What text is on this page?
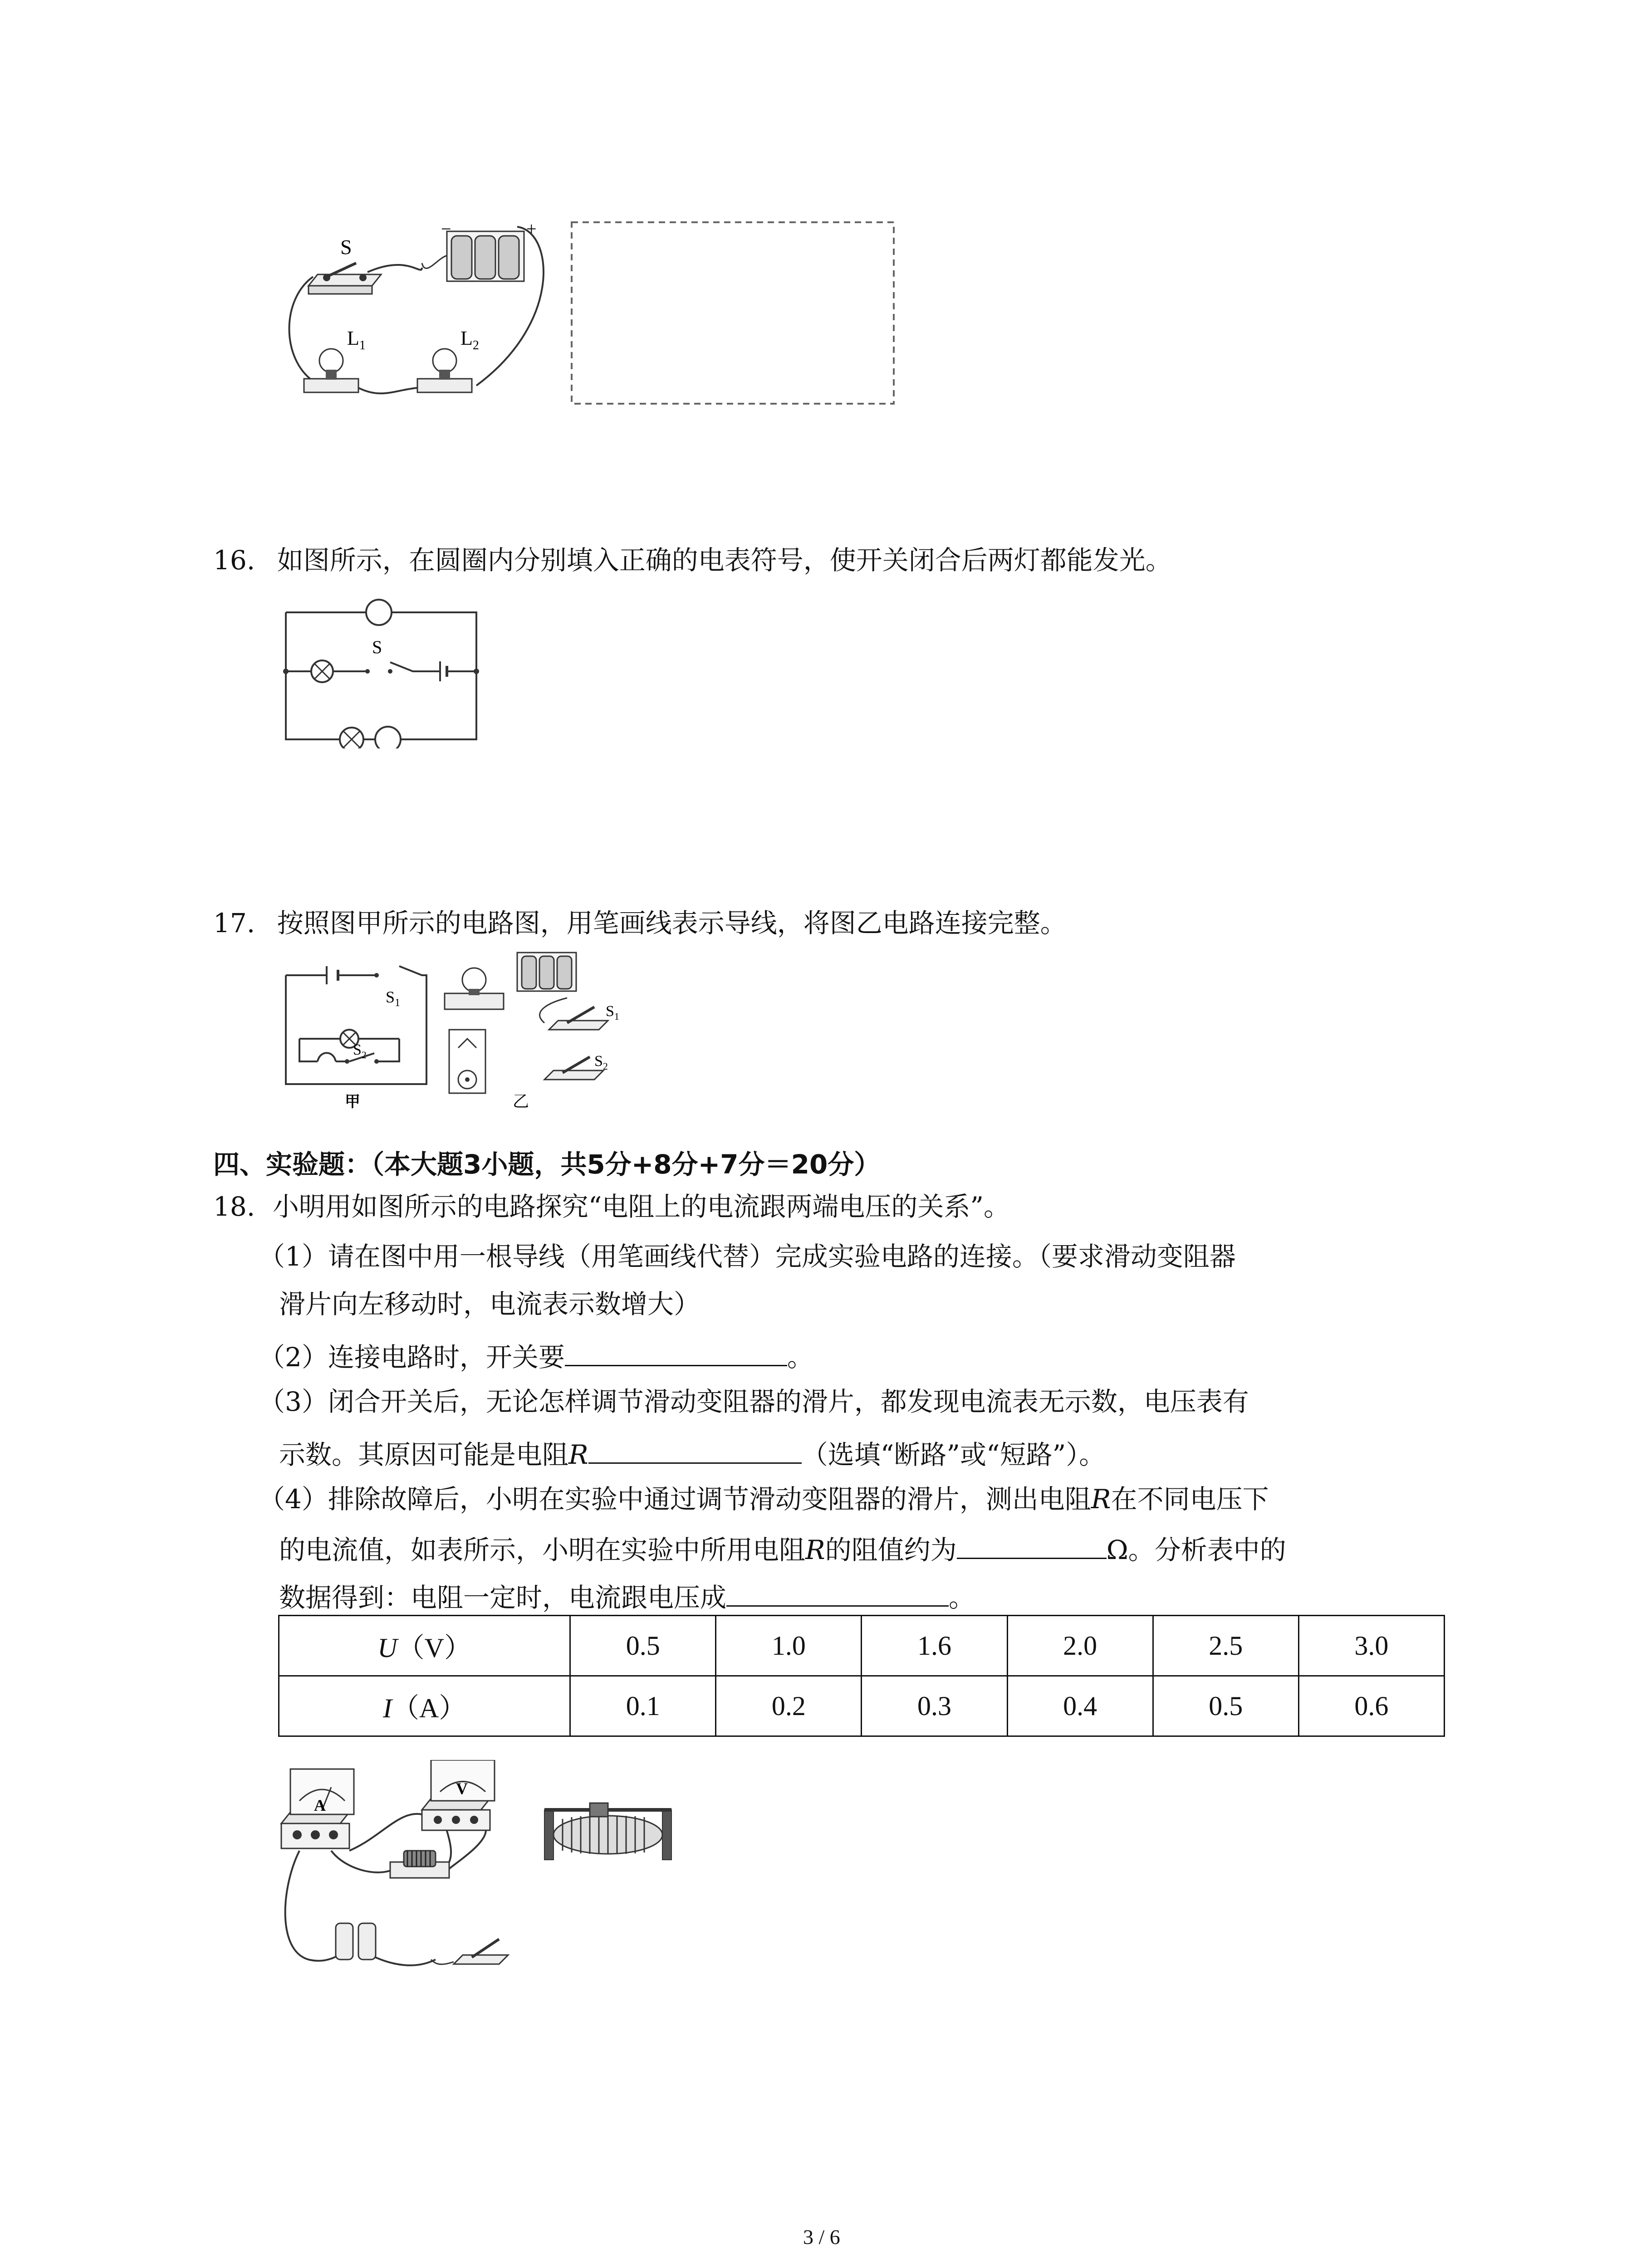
S
−	+
$L_1$	$L_2$
16. 如图所示，在圆圈内分别填入正确的电表符号，使开关闭合后两灯都能发光。
S
17. 按照图甲所示的电路图，用笔画线表示导线，将图乙电路连接完整。
$S_1$
$S_2$
甲
$S_1$
$S_2$
乙
四、实验题：（本大题3小题，共5分+8分+7分＝20分）
18. 小明用如图所示的电路探究“电阻上的电流跟两端电压的关系”。
（1）请在图中用一根导线（用笔画线代替）完成实验电路的连接。（要求滑动变阻器
滑片向左移动时，电流表示数增大）
（2）连接电路时，开关要	。
（3）闭合开关后，无论怎样调节滑动变阻器的滑片，都发现电流表无示数，电压表有
示数。其原因可能是电阻R	（选填“断路”或“短路”）。
（4）排除故障后，小明在实验中通过调节滑动变阻器的滑片，测出电阻R在不同电压下
的电流值，如表所示，小明在实验中所用电阻R的阻值约为	Ω。分析表中的
数据得到：电阻一定时，电流跟电压成	。
U（V）	0.5	1.0	1.6	2.0	2.5	3.0
I（A）	0.1	0.2	0.3	0.4	0.5	0.6
A
V
3 / 6
